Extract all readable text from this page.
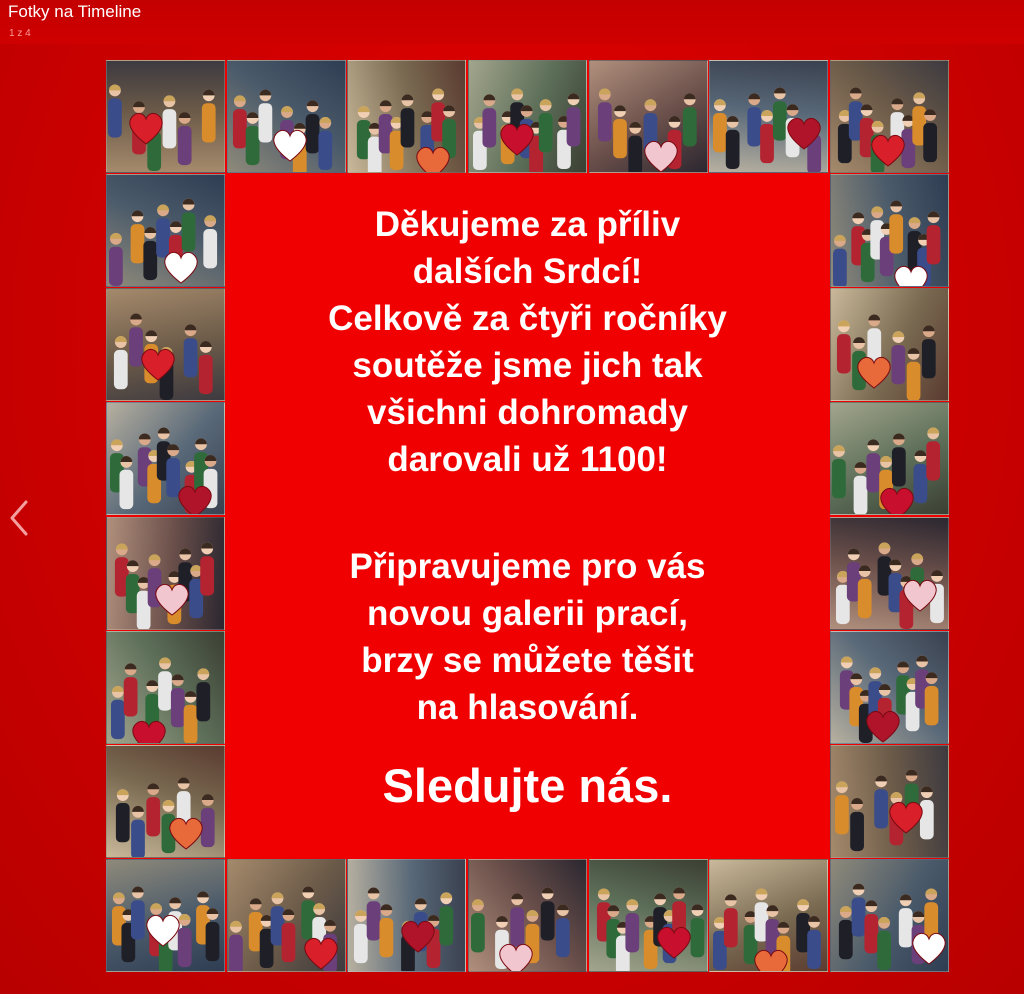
Fotky na Timeline
1 z 4
Děkujeme za příliv
dalších Srdcí!
Celkově za čtyři ročníky
soutěže jsme jich tak
všichni dohromady
darovali už 1100!
Připravujeme pro vás
novou galerii prací,
brzy se můžete těšit
na hlasování.
Sledujte nás.
